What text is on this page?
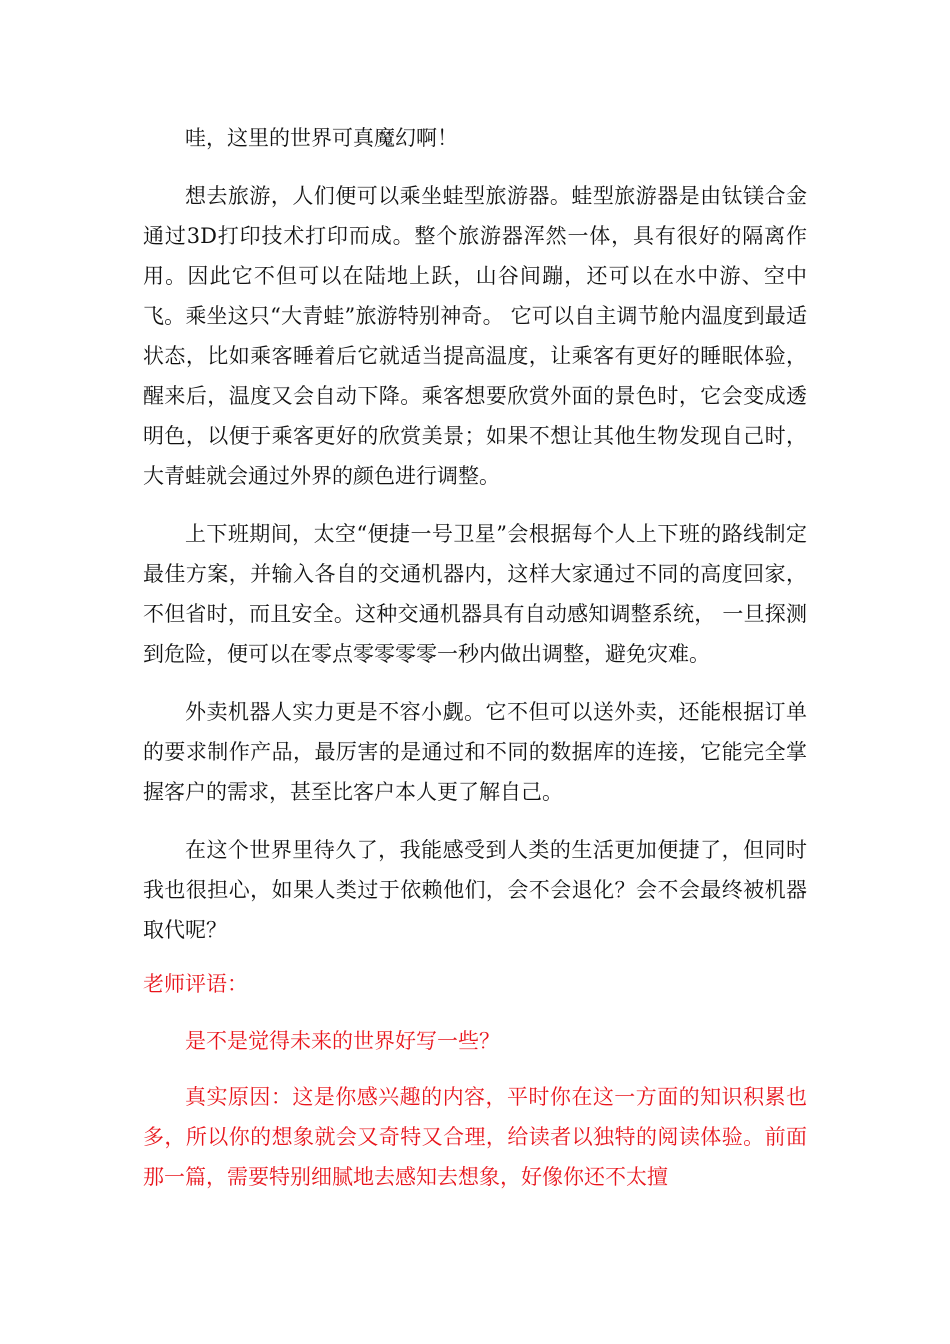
哇，这里的世界可真魔幻啊！

想去旅游，人们便可以乘坐蛙型旅游器。蛙型旅游器是由钛镁合金通过3D打印技术打印而成。整个旅游器浑然一体，具有很好的隔离作用。因此它不但可以在陆地上跃，山谷间蹦，还可以在水中游、空中飞。乘坐这只“大青蛙”旅游特别神奇。 它可以自主调节舱内温度到最适状态，比如乘客睡着后它就适当提高温度，让乘客有更好的睡眠体验，醒来后，温度又会自动下降。乘客想要欣赏外面的景色时，它会变成透明色，以便于乘客更好的欣赏美景；如果不想让其他生物发现自己时，大青蛙就会通过外界的颜色进行调整。

上下班期间，太空“便捷一号卫星”会根据每个人上下班的路线制定最佳方案，并输入各自的交通机器内，这样大家通过不同的高度回家，不但省时，而且安全。这种交通机器具有自动感知调整系统， 一旦探测到危险，便可以在零点零零零零一秒内做出调整，避免灾难。

外卖机器人实力更是不容小觑。它不但可以送外卖，还能根据订单的要求制作产品，最厉害的是通过和不同的数据库的连接，它能完全掌握客户的需求，甚至比客户本人更了解自己。

在这个世界里待久了，我能感受到人类的生活更加便捷了，但同时我也很担心，如果人类过于依赖他们，会不会退化？会不会最终被机器取代呢？

老师评语：

是不是觉得未来的世界好写一些？

真实原因：这是你感兴趣的内容，平时你在这一方面的知识积累也多，所以你的想象就会又奇特又合理，给读者以独特的阅读体验。前面那一篇，需要特别细腻地去感知去想象，好像你还不太擅
